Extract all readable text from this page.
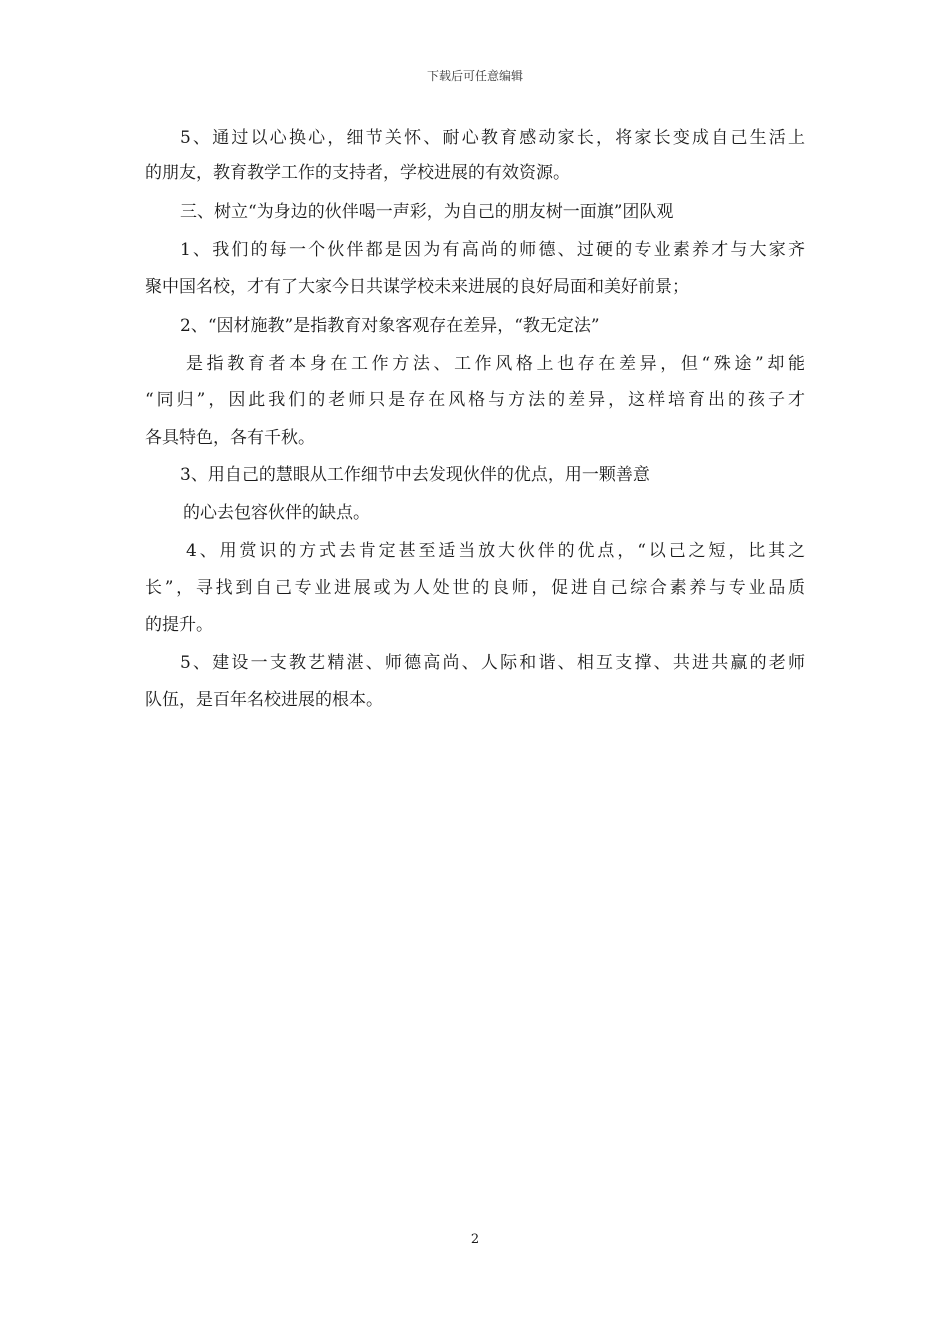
下载后可任意编辑
5、通过以心换心，细节关怀、耐心教育感动家长，将家长变成自己生活上
的朋友，教育教学工作的支持者，学校进展的有效资源。
三、树立“为身边的伙伴喝一声彩，为自己的朋友树一面旗”团队观
1、我们的每一个伙伴都是因为有高尚的师德、过硬的专业素养才与大家齐
聚中国名校，才有了大家今日共谋学校未来进展的良好局面和美好前景；
2、“因材施教”是指教育对象客观存在差异，“教无定法”
是指教育者本身在工作方法、工作风格上也存在差异，但“殊途”却能
“同归”，因此我们的老师只是存在风格与方法的差异，这样培育出的孩子才
各具特色，各有千秋。
3、用自己的慧眼从工作细节中去发现伙伴的优点，用一颗善意
的心去包容伙伴的缺点。
4、用赏识的方式去肯定甚至适当放大伙伴的优点，“以己之短，比其之
长”，寻找到自己专业进展或为人处世的良师，促进自己综合素养与专业品质
的提升。
5、建设一支教艺精湛、师德高尚、人际和谐、相互支撑、共进共赢的老师
队伍，是百年名校进展的根本。
2
